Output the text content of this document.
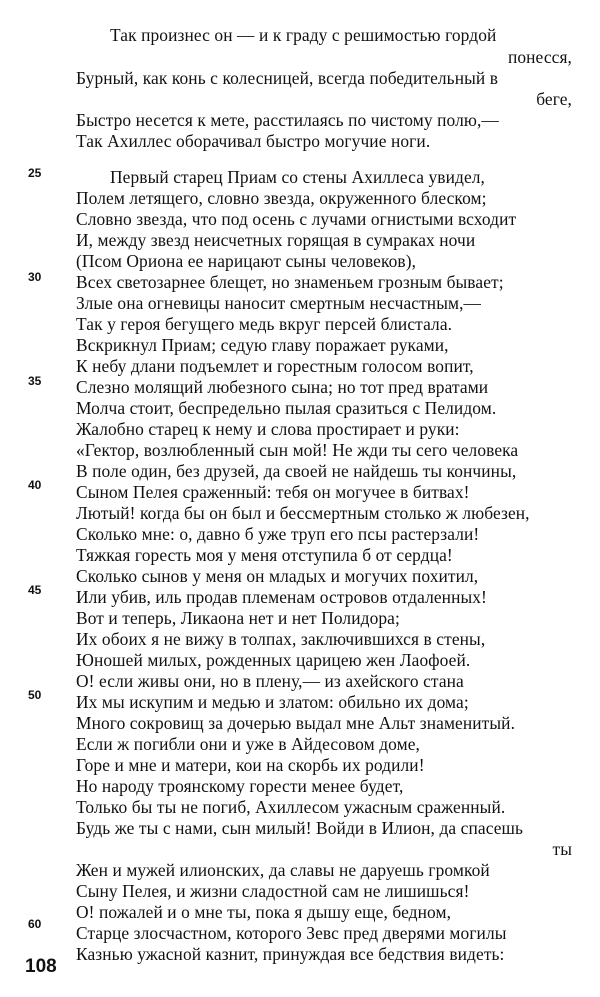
Так произнес он — и к граду с решимостью гордой
понесся,
Бурный, как конь с колесницей, всегда победительный в
беге,
Быстро несется к мете, расстилаясь по чистому полю,—
Так Ахиллес оборачивал быстро могучие ноги.
25	Первый старец Приам со стены Ахиллеса увидел,
Полем летящего, словно звезда, окруженного блеском;
Словно звезда, что под осень с лучами огнистыми всходит
И, между звезд неисчетных горящая в сумраках ночи
(Псом Ориона ее нарицают сыны человеков),
30	Всех светозарнее блещет, но знаменьем грозным бывает;
Злые она огневицы наносит смертным несчастным,—
Так у героя бегущего медь вкруг персей блистала.
Вскрикнул Приам; седую главу поражает руками,
К небу длани подъемлет и горестным голосом вопит,
35	Слезно молящий любезного сына; но тот пред вратами
Молча стоит, беспредельно пылая сразиться с Пелидом.
Жалобно старец к нему и слова простирает и руки:
«Гектор, возлюбленный сын мой! Не жди ты сего человека
В поле один, без друзей, да своей не найдешь ты кончины,
40	Сыном Пелея сраженный: тебя он могучее в битвах!
Лютый! когда бы он был и бессмертным столько ж любезен,
Сколько мне: о, давно б уже труп его псы растерзали!
Тяжкая горесть моя у меня отступила б от сердца!
Сколько сынов у меня он младых и могучих похитил,
45	Или убив, иль продав племенам островов отдаленных!
Вот и теперь, Ликаона нет и нет Полидора;
Их обоих я не вижу в толпах, заключившихся в стены,
Юношей милых, рожденных царицею жен Лаофоей.
О! если живы они, но в плену,— из ахейского стана
50	Их мы искупим и медью и златом: обильно их дома;
Много сокровищ за дочерью выдал мне Альт знаменитый.
Если ж погибли они и уже в Айдесовом доме,
Горе и мне и матери, кои на скорбь их родили!
Но народу троянскому горести менее будет,
Только бы ты не погиб, Ахиллесом ужасным сраженный.
Будь же ты с нами, сын милый! Войди в Илион, да спасешь
ты
Жен и мужей илионских, да славы не даруешь громкой
Сыну Пелея, и жизни сладостной сам не лишишься!
О! пожалей и о мне ты, пока я дышу еще, бедном,
60	Старце злосчастном, которого Зевс пред дверями могилы
Казнью ужасной казнит, принуждая все бедствия видеть:
108
